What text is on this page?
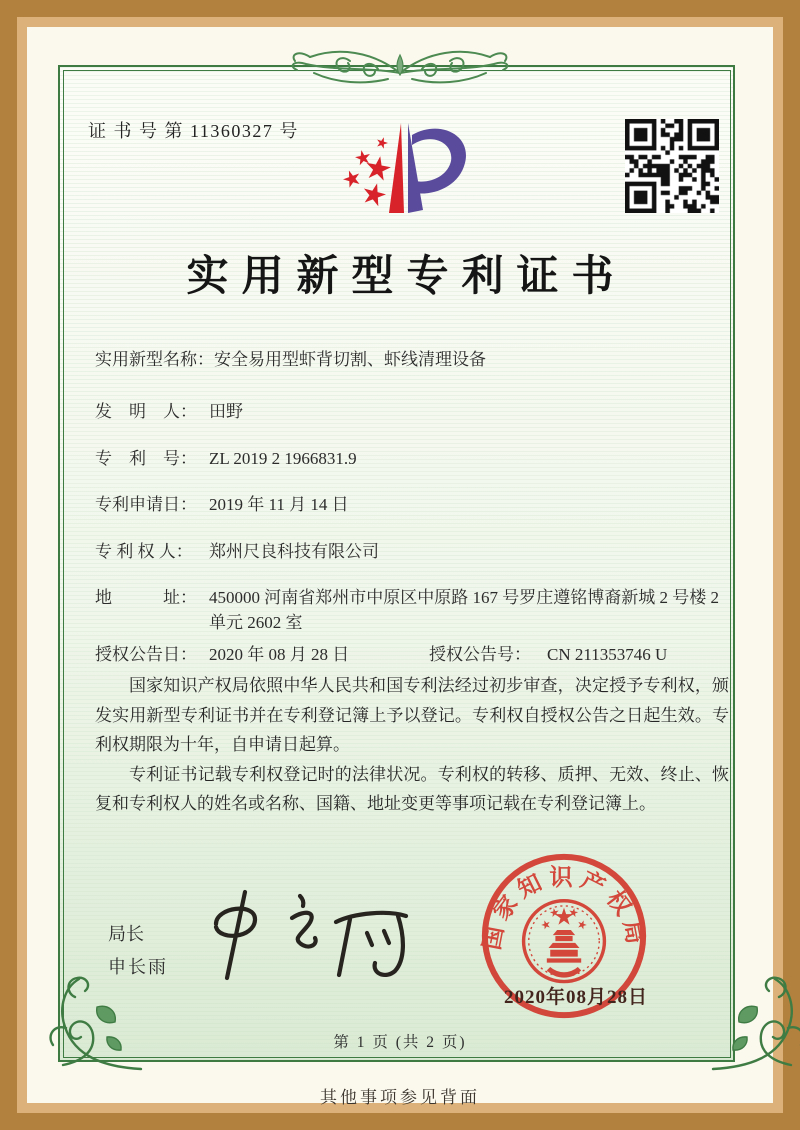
证 书 号 第 11360327 号
实用新型专利证书
实用新型名称： 安全易用型虾背切割、虾线清理设备
发　明　人： 田野
专　利　号： ZL 2019 2 1966831.9
专利申请日： 2019 年 11 月 14 日
专 利 权 人： 郑州尺良科技有限公司
地　　　址： 450000 河南省郑州市中原区中原路 167 号罗庄遵铭博裔新城 2 号楼 2 单元 2602 室
授权公告日： 2020 年 08 月 28 日	授权公告号： CN 211353746 U

国家知识产权局依照中华人民共和国专利法经过初步审查，决定授予专利权，颁发实用新型专利证书并在专利登记簿上予以登记。专利权自授权公告之日起生效。专利权期限为十年，自申请日起算。

专利证书记载专利权登记时的法律状况。专利权的转移、质押、无效、终止、恢复和专利权人的姓名或名称、国籍、地址变更等事项记载在专利登记簿上。

局长
申长雨
国家知识产权局
2020年08月28日
第 1 页 (共 2 页)
其他事项参见背面
